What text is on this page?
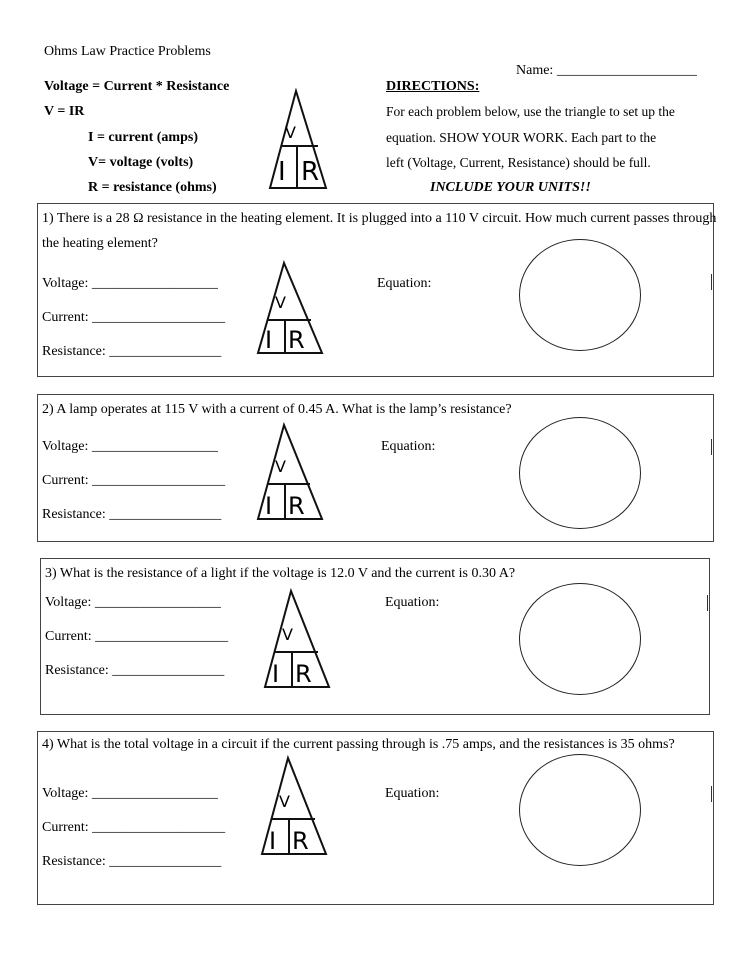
Ohms Law Practice Problems
Name: ____________________
Voltage = Current * Resistance
V = IR
I = current (amps)
V= voltage (volts)
R = resistance (ohms)
V
I R
DIRECTIONS:
For each problem below, use the triangle to set up the
equation. SHOW YOUR WORK. Each part to the
left (Voltage, Current, Resistance) should be full.
INCLUDE YOUR UNITS!!
1) There is a 28 Ω resistance in the heating element. It is plugged into a 110 V circuit. How much current passes through the heating element?
Voltage: __________________
Current: ___________________
Resistance: ________________
Equation:
V
I R
2) A lamp operates at 115 V with a current of 0.45 A. What is the lamp’s resistance?
Voltage: __________________
Current: ___________________
Resistance: ________________
Equation:
V
I R
3) What is the resistance of a light if the voltage is 12.0 V and the current is 0.30 A?
Voltage: __________________
Current: ___________________
Resistance: ________________
Equation:
V
I R
4) What is the total voltage in a circuit if the current passing through is .75 amps, and the resistances is 35 ohms?
Voltage: __________________
Current: ___________________
Resistance: ________________
Equation:
V
I R
